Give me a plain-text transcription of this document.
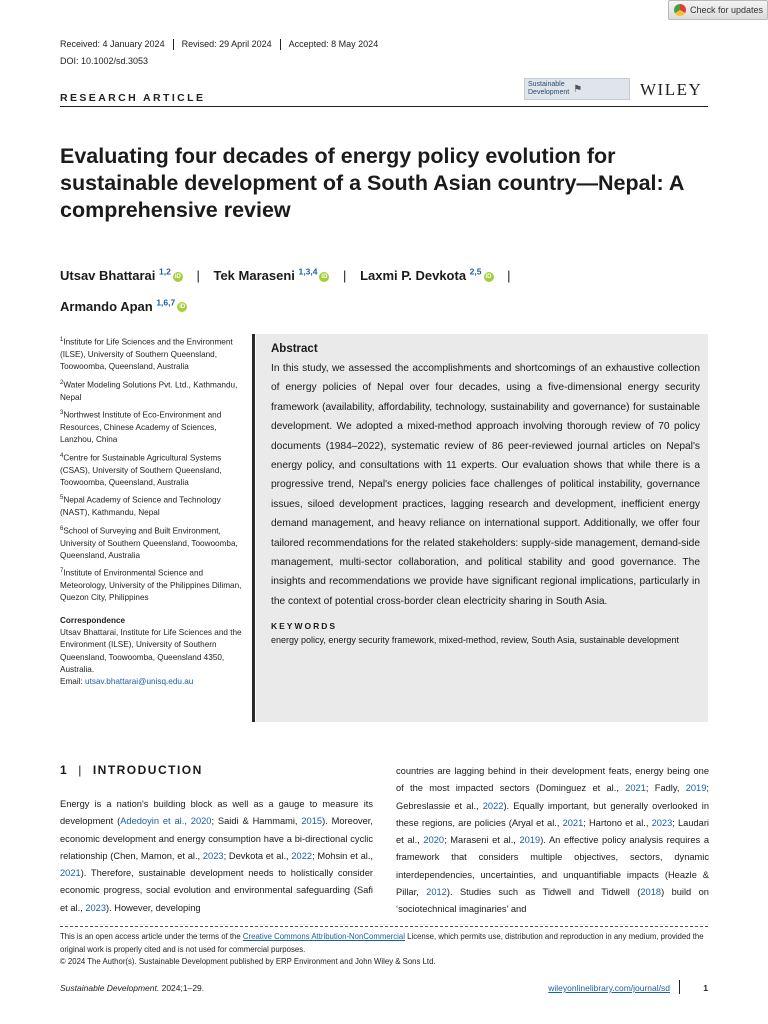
Check for updates
Received: 4 January 2024	Revised: 29 April 2024	Accepted: 8 May 2024
DOI: 10.1002/sd.3053
RESEARCH ARTICLE
Sustainable
Development ⚑	WILEY
Evaluating four decades of energy policy evolution for sustainable development of a South Asian country—Nepal: A comprehensive review
Utsav Bhattarai $^{1,2}$ iD | Tek Maraseni $^{1,3,4}$ iD | Laxmi P. Devkota $^{2,5}$ iD |
Armando Apan $^{1,6,7}$ iD

$^1$Institute for Life Sciences and the Environment (ILSE), University of Southern Queensland, Toowoomba, Queensland, Australia

$^2$Water Modeling Solutions Pvt. Ltd., Kathmandu, Nepal

$^3$Northwest Institute of Eco-Environment and Resources, Chinese Academy of Sciences, Lanzhou, China

$^4$Centre for Sustainable Agricultural Systems (CSAS), University of Southern Queensland, Toowoomba, Queensland, Australia

$^5$Nepal Academy of Science and Technology (NAST), Kathmandu, Nepal

$^6$School of Surveying and Built Environment, University of Southern Queensland, Toowoomba, Queensland, Australia

$^7$Institute of Environmental Science and Meteorology, University of the Philippines Diliman, Quezon City, Philippines

Correspondence
Utsav Bhattarai, Institute for Life Sciences and the Environment (ILSE), University of Southern Queensland, Toowoomba, Queensland 4350, Australia.
Email: utsav.bhattarai@unisq.edu.au
Abstract
In this study, we assessed the accomplishments and shortcomings of an exhaustive collection of energy policies of Nepal over four decades, using a five-dimensional energy security framework (availability, affordability, technology, sustainability and governance) for sustainable development. We adopted a mixed-method approach involving thorough review of 70 policy documents (1984–2022), systematic review of 86 peer-reviewed journal articles on Nepal's energy policy, and consultations with 11 experts. Our evaluation shows that while there is a progressive trend, Nepal's energy policies face challenges of political instability, governance issues, siloed development practices, lagging research and development, inefficient energy demand management, and heavy reliance on international support. Additionally, we offer four tailored recommendations for the related stakeholders: supply-side management, demand-side management, multi-sector collaboration, and political stability and good governance. The insights and recommendations we provide have significant regional implications, particularly in the context of potential cross-border clean electricity sharing in South Asia.
KEYWORDS
energy policy, energy security framework, mixed-method, review, South Asia, sustainable development
1 | INTRODUCTION
Energy is a nation's building block as well as a gauge to measure its development (Adedoyin et al., 2020; Saidi & Hammami, 2015). Moreover, economic development and energy consumption have a bi-directional cyclic relationship (Chen, Mamon, et al., 2023; Devkota et al., 2022; Mohsin et al., 2021). Therefore, sustainable development needs to holistically consider economic progress, social evolution and environmental safeguarding (Safi et al., 2023). However, developing
countries are lagging behind in their development feats, energy being one of the most impacted sectors (Dominguez et al., 2021; Fadly, 2019; Gebreslassie et al., 2022). Equally important, but generally overlooked in these regions, are policies (Aryal et al., 2021; Hartono et al., 2023; Laudari et al., 2020; Maraseni et al., 2019). An effective policy analysis requires a framework that considers multiple objectives, sectors, dynamic interdependencies, uncertainties, and unquantifiable impacts (Heazle & Pillar, 2012). Studies such as Tidwell and Tidwell (2018) build on ‘sociotechnical imaginaries’ and
This is an open access article under the terms of the Creative Commons Attribution-NonCommercial License, which permits use, distribution and reproduction in any medium, provided the original work is properly cited and is not used for commercial purposes.
© 2024 The Author(s). Sustainable Development published by ERP Environment and John Wiley & Sons Ltd.
Sustainable Development. 2024;1–29.	wileyonlinelibrary.com/journal/sd	1
